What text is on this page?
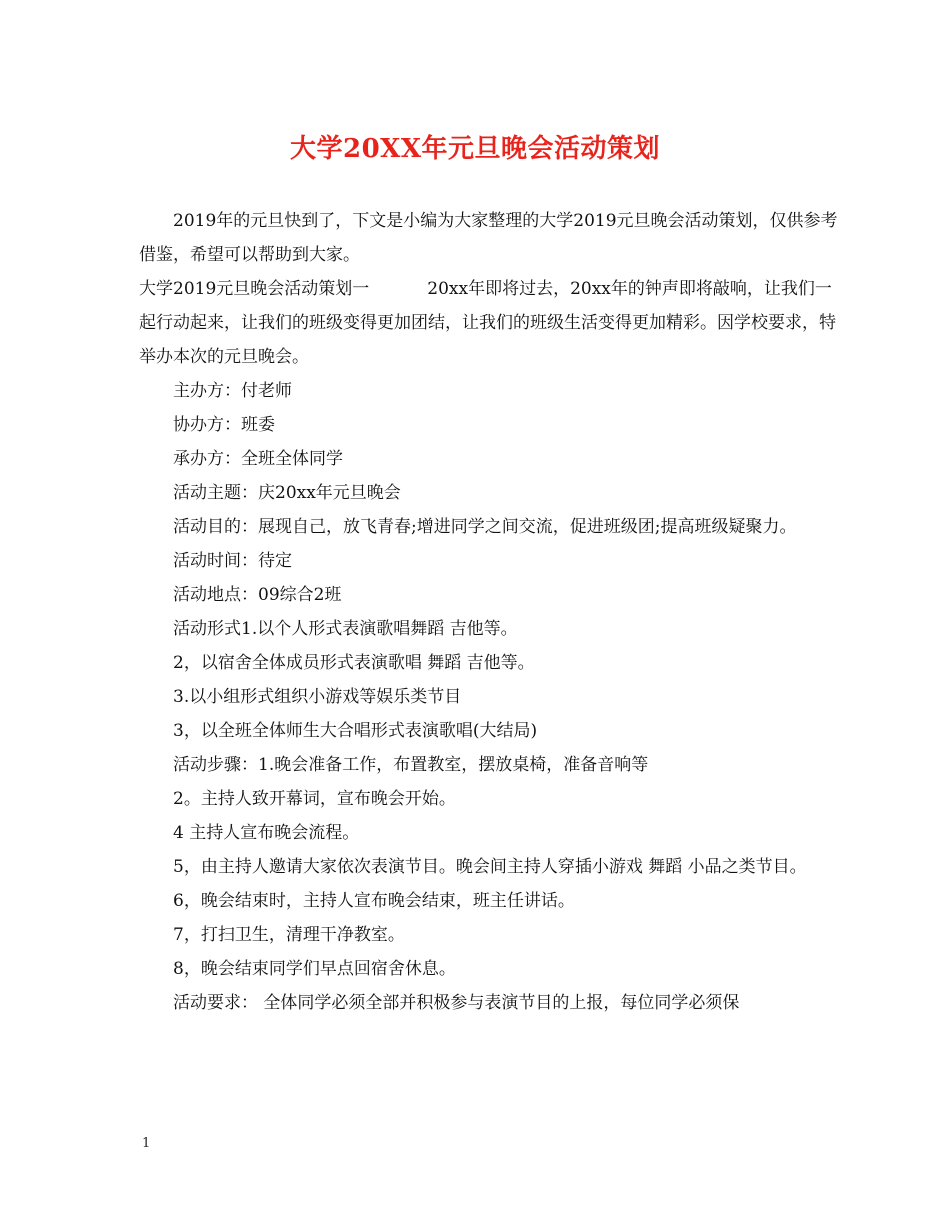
大学20XX年元旦晚会活动策划

2019年的元旦快到了，下文是小编为大家整理的大学2019元旦晚会活动策划，仅供参考借鉴，希望可以帮助到大家。

大学2019元旦晚会活动策划一	20xx年即将过去，20xx年的钟声即将敲响，让我们一起行动起来，让我们的班级变得更加团结，让我们的班级生活变得更加精彩。因学校要求，特举办本次的元旦晚会。

主办方：付老师

协办方：班委

承办方：全班全体同学

活动主题：庆20xx年元旦晚会

活动目的：展现自己，放飞青春;增进同学之间交流，促进班级团;提高班级疑聚力。

活动时间：待定

活动地点：09综合2班

活动形式1.以个人形式表演歌唱舞蹈 吉他等。

2，以宿舍全体成员形式表演歌唱 舞蹈 吉他等。

3.以小组形式组织小游戏等娱乐类节目

3，以全班全体师生大合唱形式表演歌唱(大结局)

活动步骤：1.晚会准备工作，布置教室，摆放桌椅，准备音响等

2。主持人致开幕词，宣布晚会开始。

4 主持人宣布晚会流程。

5，由主持人邀请大家依次表演节目。晚会间主持人穿插小游戏 舞蹈 小品之类节目。

6，晚会结束时，主持人宣布晚会结束，班主任讲话。

7，打扫卫生，清理干净教室。

8，晚会结束同学们早点回宿舍休息。

活动要求： 全体同学必须全部并积极参与表演节目的上报，每位同学必须保

1
